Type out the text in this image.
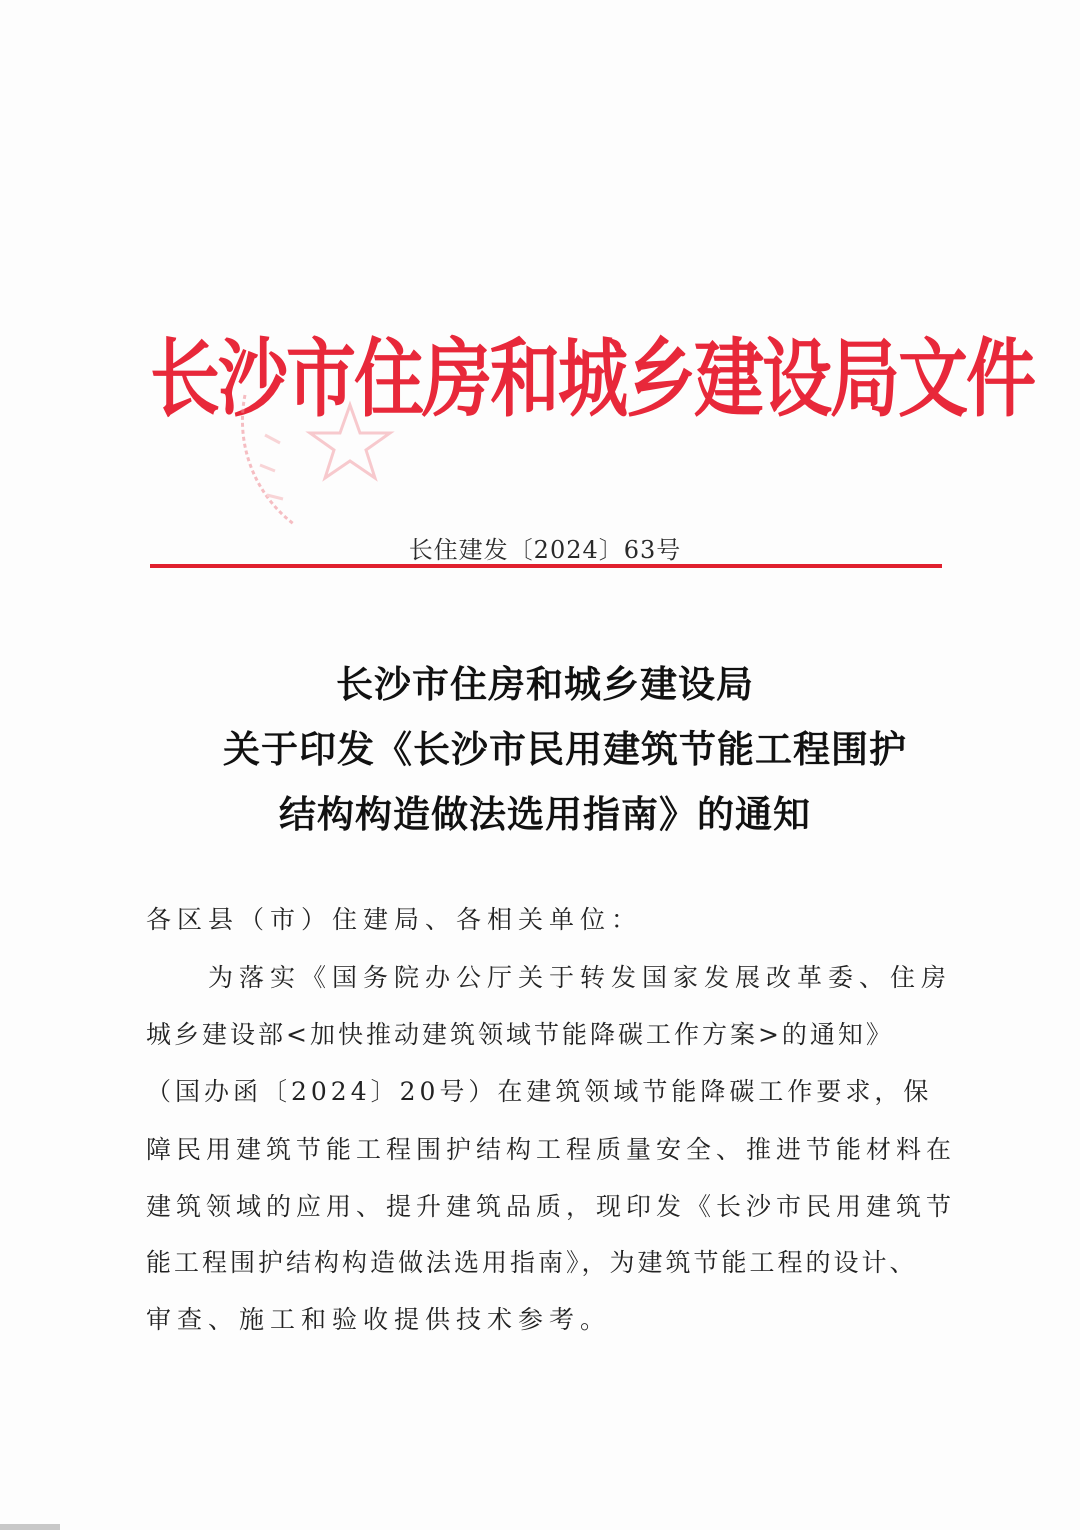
长沙市住房和城乡建设局文件
长住建发〔2024〕63号
长沙市住房和城乡建设局
关于印发《长沙市民用建筑节能工程围护
结构构造做法选用指南》的通知
各区县（市）住建局、各相关单位：
为落实《国务院办公厅关于转发国家发展改革委、住房
城乡建设部<加快推动建筑领域节能降碳工作方案>的通知》
（国办函〔2024〕20号）在建筑领域节能降碳工作要求，保
障民用建筑节能工程围护结构工程质量安全、推进节能材料在
建筑领域的应用、提升建筑品质，现印发《长沙市民用建筑节
能工程围护结构构造做法选用指南》，为建筑节能工程的设计、
审查、施工和验收提供技术参考。
